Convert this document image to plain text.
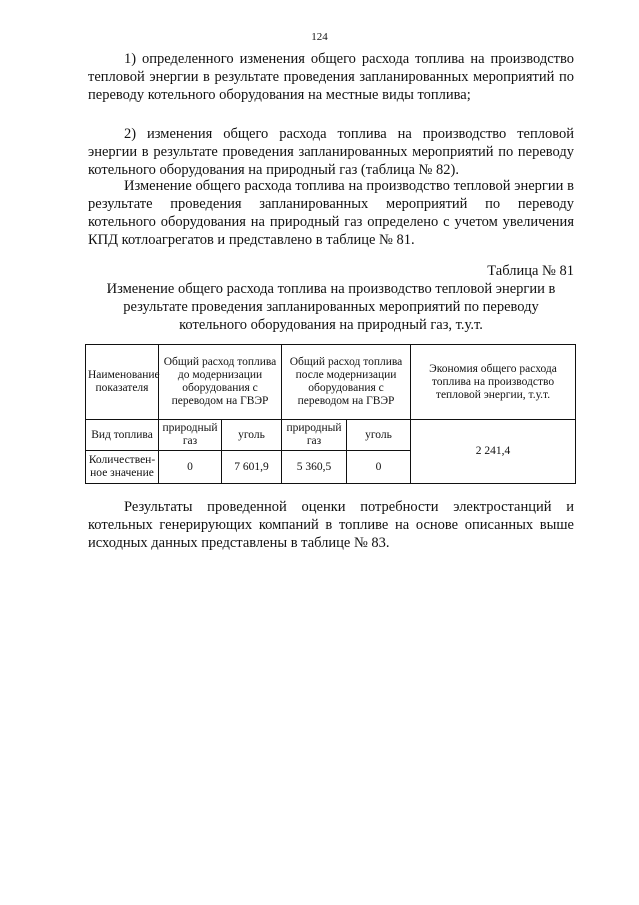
124

1) определенного изменения общего расхода топлива на производство тепловой энергии в результате проведения запланированных мероприятий по переводу котельного оборудования на местные виды топлива;

2) изменения общего расхода топлива на производство тепловой энергии в результате проведения запланированных мероприятий по переводу котельного оборудования на природный газ (таблица № 82).

Изменение общего расхода топлива на производство тепловой энергии в результате проведения запланированных мероприятий по переводу котельного оборудования на природный газ определено с учетом увеличения КПД котлоагрегатов и представлено в таблице № 81.

Таблица № 81

Изменение общего расхода топлива на производство тепловой энергии в результате проведения запланированных мероприятий по переводу котельного оборудования на природный газ, т.у.т.

Наименование показателя	Общий расход топлива до модернизации оборудования с переводом на ГВЭР		Общий расход топлива после модернизации оборудования с переводом на ГВЭР		Экономия общего расхода топлива на производство тепловой энергии, т.у.т.
Вид топлива	природный газ	уголь	природный газ	уголь	2 241,4
Количествен-ное значение	0	7 601,9	5 360,5	0	

Результаты проведенной оценки потребности электростанций и котельных генерирующих компаний в топливе на основе описанных выше исходных данных представлены в таблице № 83.
